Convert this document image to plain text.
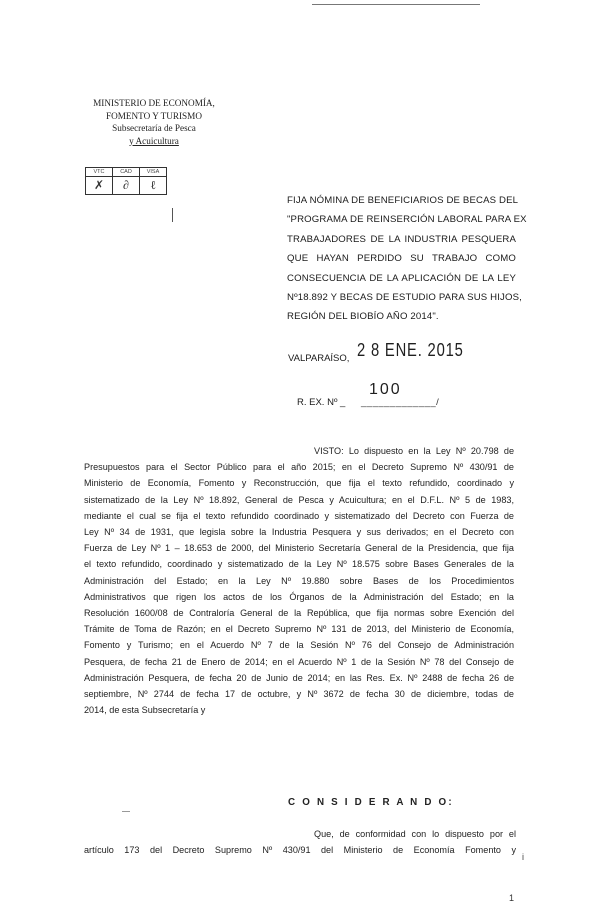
MINISTERIO DE ECONOMÍA,
FOMENTO Y TURISMO
Subsecretaría de Pesca
y Acuicultura
VTC	CAD	VISA
✗	∂	ℓ
FIJA NÓMINA DE BENEFICIARIOS DE BECAS DEL
"PROGRAMA DE REINSERCIÓN LABORAL PARA EX
TRABAJADORES DE LA INDUSTRIA PESQUERA
QUE HAYAN PERDIDO SU TRABAJO COMO
CONSECUENCIA DE LA APLICACIÓN DE LA LEY
Nº18.892 Y BECAS DE ESTUDIO PARA SUS HIJOS,
REGIÓN DEL BIOBÍO AÑO 2014".
VALPARAÍSO, 2 8 ENE. 2015
R. EX. Nº _
100
_____________/
VISTO: Lo dispuesto en la Ley Nº 20.798 de
Presupuestos para el Sector Público para el año 2015; en el Decreto Supremo Nº 430/91 de
Ministerio de Economía, Fomento y Reconstrucción, que fija el texto refundido, coordinado y
sistematizado de la Ley Nº 18.892, General de Pesca y Acuicultura; en el D.F.L. Nº 5 de 1983,
mediante el cual se fija el texto refundido coordinado y sistematizado del Decreto con Fuerza de
Ley Nº 34 de 1931, que legisla sobre la Industria Pesquera y sus derivados; en el Decreto con
Fuerza de Ley Nº 1 – 18.653 de 2000, del Ministerio Secretaría General de la Presidencia, que fija
el texto refundido, coordinado y sistematizado de la Ley Nº 18.575 sobre Bases Generales de la
Administración del Estado; en la Ley Nº 19.880 sobre Bases de los Procedimientos
Administrativos que rigen los actos de los Órganos de la Administración del Estado; en la
Resolución 1600/08 de Contraloría General de la República, que fija normas sobre Exención del
Trámite de Toma de Razón; en el Decreto Supremo Nº 131 de 2013, del Ministerio de Economía,
Fomento y Turismo; en el Acuerdo Nº 7 de la Sesión Nº 76 del Consejo de Administración
Pesquera, de fecha 21 de Enero de 2014; en el Acuerdo Nº 1 de la Sesión Nº 78 del Consejo de
Administración Pesquera, de fecha 20 de Junio de 2014; en las Res. Ex. Nº 2488 de fecha 26 de
septiembre, Nº 2744 de fecha 17 de octubre, y Nº 3672 de fecha 30 de diciembre, todas de
2014, de esta Subsecretaría y
C O N S I D E R A N D O:
Que, de conformidad con lo dispuesto por el
artículo 173 del Decreto Supremo Nº 430/91 del Ministerio de Economía Fomento y
i
1
